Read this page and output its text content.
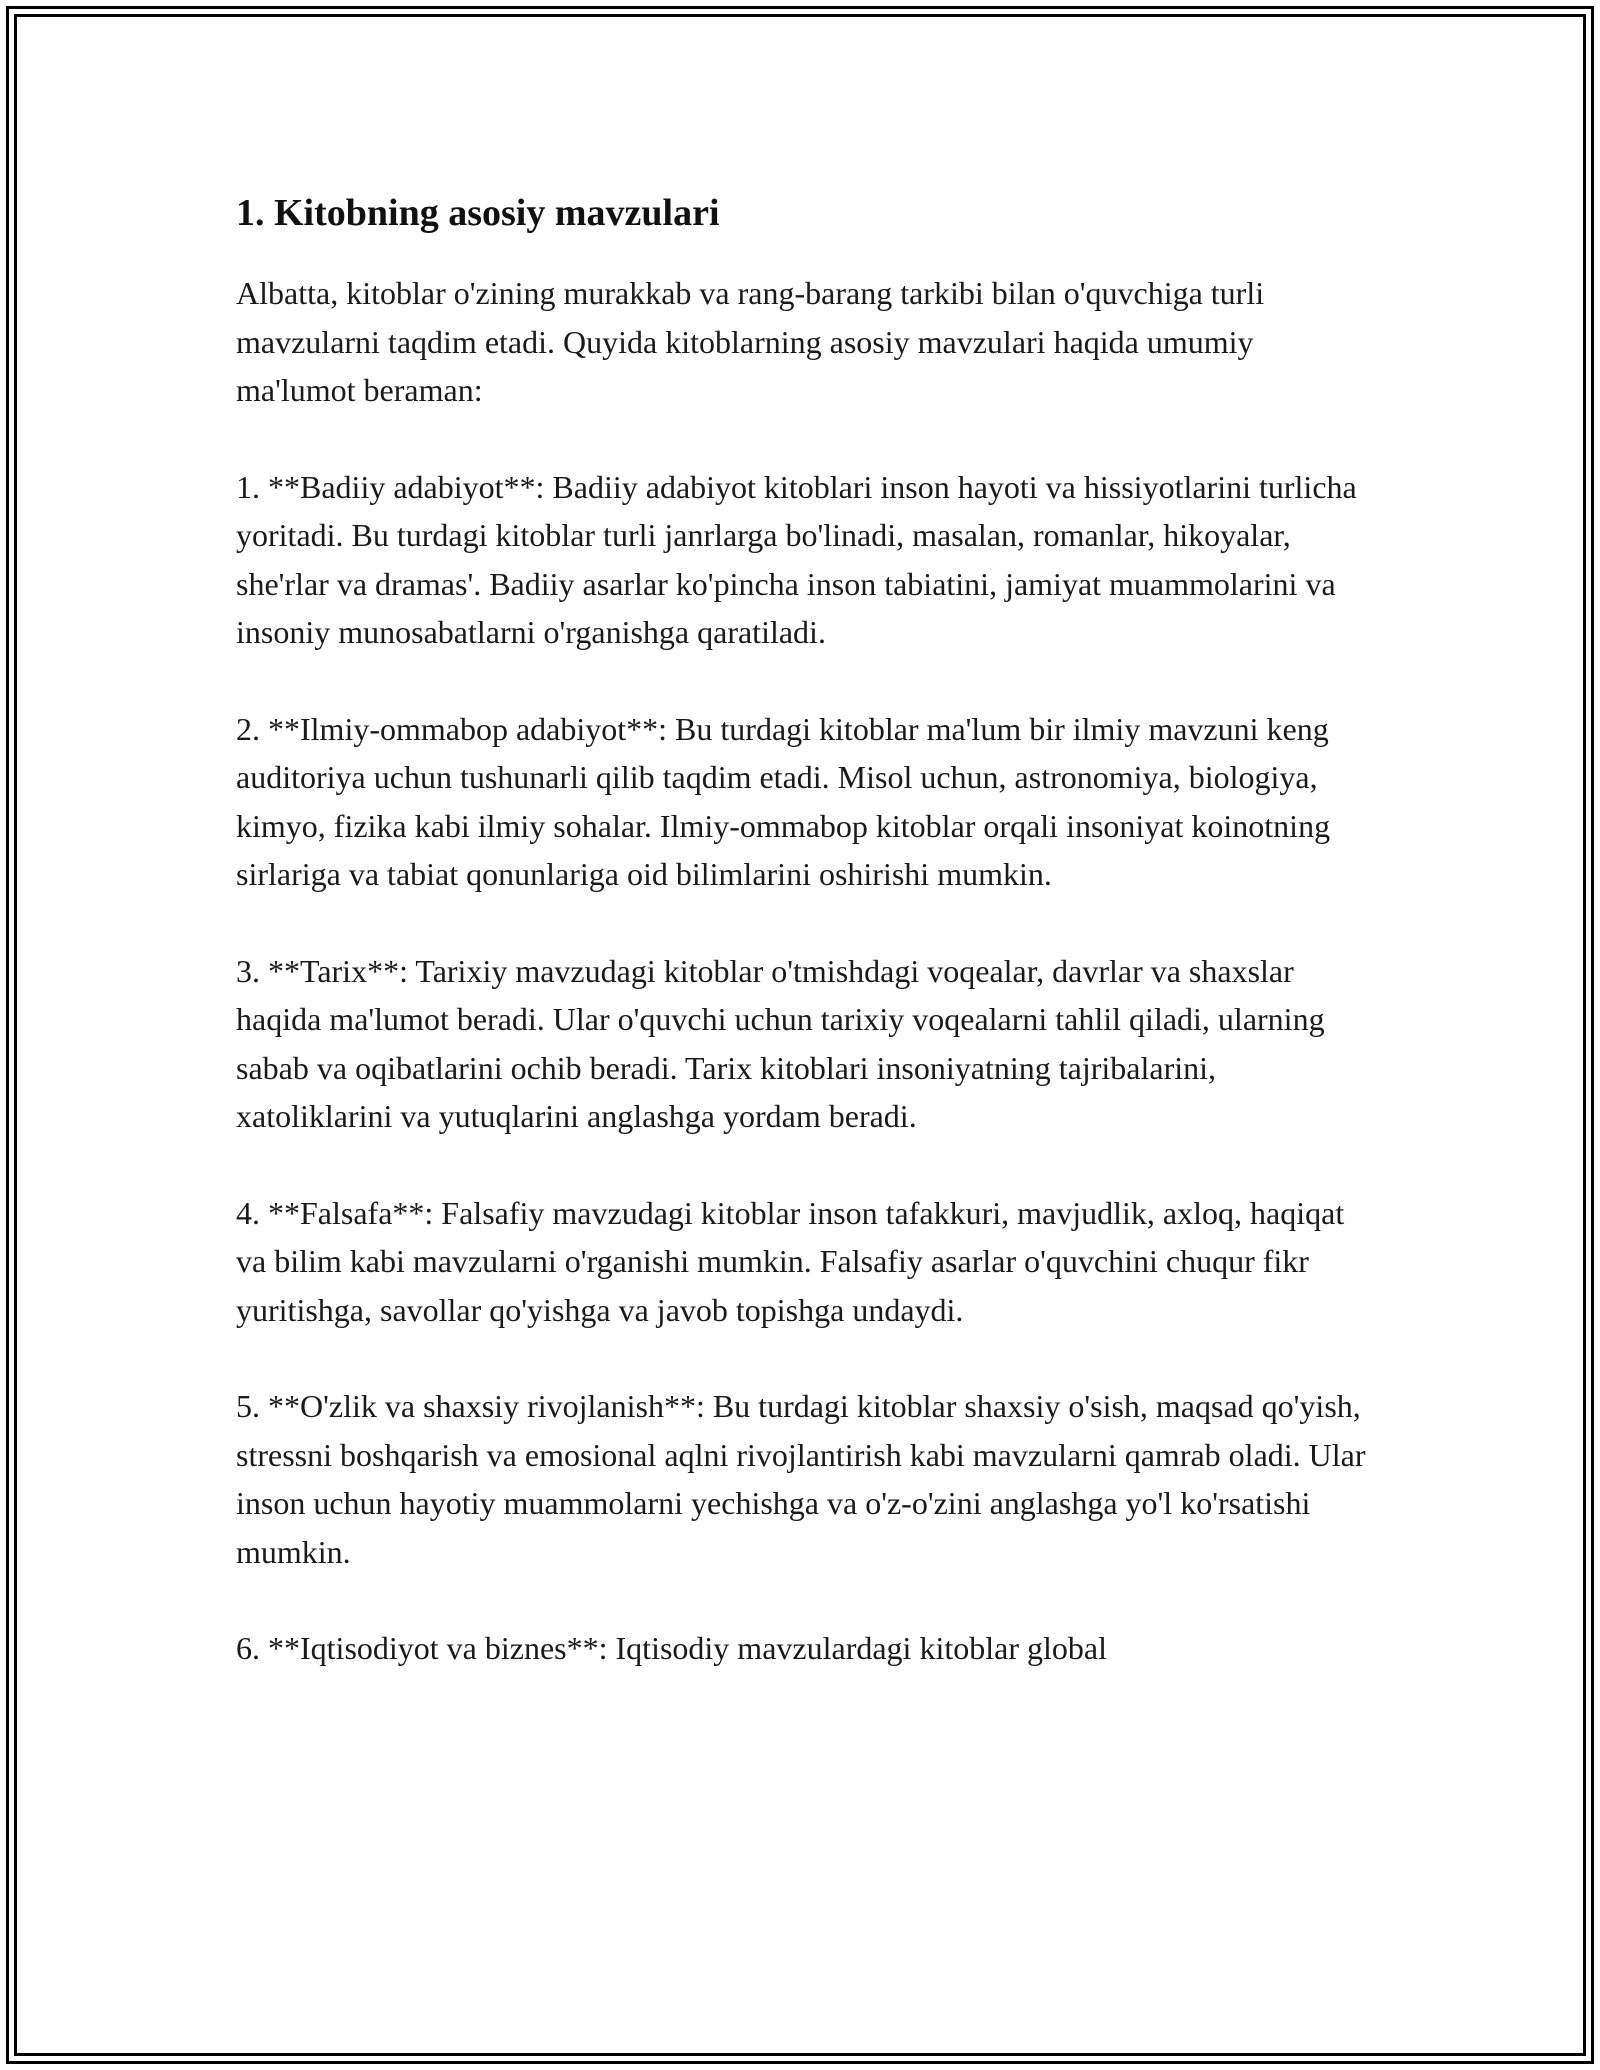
1. Kitobning asosiy mavzulari

Albatta, kitoblar o'zining murakkab va rang-barang tarkibi bilan o'quvchiga turli mavzularni taqdim etadi. Quyida kitoblarning asosiy mavzulari haqida umumiy ma'lumot beraman:

1. **Badiiy adabiyot**: Badiiy adabiyot kitoblari inson hayoti va hissiyotlarini turlicha yoritadi. Bu turdagi kitoblar turli janrlarga bo'linadi, masalan, romanlar, hikoyalar, she'rlar va dramas'. Badiiy asarlar ko'pincha inson tabiatini, jamiyat muammolarini va insoniy munosabatlarni o'rganishga qaratiladi.

2. **Ilmiy-ommabop adabiyot**: Bu turdagi kitoblar ma'lum bir ilmiy mavzuni keng auditoriya uchun tushunarli qilib taqdim etadi. Misol uchun, astronomiya, biologiya, kimyo, fizika kabi ilmiy sohalar. Ilmiy-ommabop kitoblar orqali insoniyat koinotning sirlariga va tabiat qonunlariga oid bilimlarini oshirishi mumkin.

3. **Tarix**: Tarixiy mavzudagi kitoblar o'tmishdagi voqealar, davrlar va shaxslar haqida ma'lumot beradi. Ular o'quvchi uchun tarixiy voqealarni tahlil qiladi, ularning sabab va oqibatlarini ochib beradi. Tarix kitoblari insoniyatning tajribalarini, xatoliklarini va yutuqlarini anglashga yordam beradi.

4. **Falsafa**: Falsafiy mavzudagi kitoblar inson tafakkuri, mavjudlik, axloq, haqiqat va bilim kabi mavzularni o'rganishi mumkin. Falsafiy asarlar o'quvchini chuqur fikr yuritishga, savollar qo'yishga va javob topishga undaydi.

5. **O'zlik va shaxsiy rivojlanish**: Bu turdagi kitoblar shaxsiy o'sish, maqsad qo'yish, stressni boshqarish va emosional aqlni rivojlantirish kabi mavzularni qamrab oladi. Ular inson uchun hayotiy muammolarni yechishga va o'z-o'zini anglashga yo'l ko'rsatishi mumkin.

6. **Iqtisodiyot va biznes**: Iqtisodiy mavzulardagi kitoblar global
